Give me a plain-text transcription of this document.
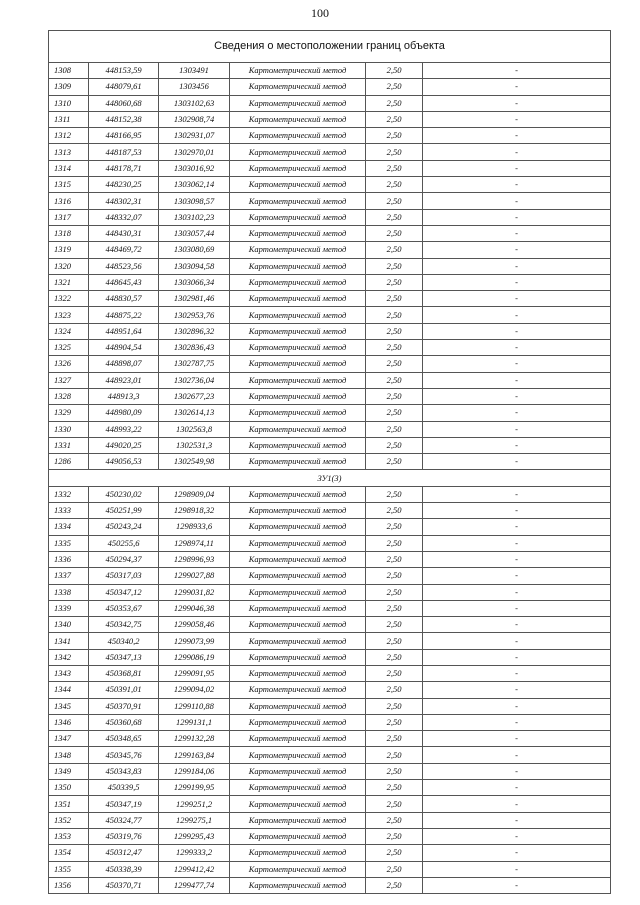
100
Сведения о местоположении границ объекта					
1308	448153,59	1303491	Картометрический метод	2,50	-
1309	448079,61	1303456	Картометрический метод	2,50	-
1310	448060,68	1303102,63	Картометрический метод	2,50	-
1311	448152,38	1302908,74	Картометрический метод	2,50	-
1312	448166,95	1302931,07	Картометрический метод	2,50	-
1313	448187,53	1302970,01	Картометрический метод	2,50	-
1314	448178,71	1303016,92	Картометрический метод	2,50	-
1315	448230,25	1303062,14	Картометрический метод	2,50	-
1316	448302,31	1303098,57	Картометрический метод	2,50	-
1317	448332,07	1303102,23	Картометрический метод	2,50	-
1318	448430,31	1303057,44	Картометрический метод	2,50	-
1319	448469,72	1303080,69	Картометрический метод	2,50	-
1320	448523,56	1303094,58	Картометрический метод	2,50	-
1321	448645,43	1303066,34	Картометрический метод	2,50	-
1322	448830,57	1302981,46	Картометрический метод	2,50	-
1323	448875,22	1302953,76	Картометрический метод	2,50	-
1324	448951,64	1302896,32	Картометрический метод	2,50	-
1325	448904,54	1302836,43	Картометрический метод	2,50	-
1326	448898,07	1302787,75	Картометрический метод	2,50	-
1327	448923,01	1302736,04	Картометрический метод	2,50	-
1328	448913,3	1302677,23	Картометрический метод	2,50	-
1329	448980,09	1302614,13	Картометрический метод	2,50	-
1330	448993,22	1302563,8	Картометрический метод	2,50	-
1331	449020,25	1302531,3	Картометрический метод	2,50	-
1286	449056,53	1302549,98	Картометрический метод	2,50	-
ЗУ1(3)					
1332	450230,02	1298909,04	Картометрический метод	2,50	-
1333	450251,99	1298918,32	Картометрический метод	2,50	-
1334	450243,24	1298933,6	Картометрический метод	2,50	-
1335	450255,6	1298974,11	Картометрический метод	2,50	-
1336	450294,37	1298996,93	Картометрический метод	2,50	-
1337	450317,03	1299027,88	Картометрический метод	2,50	-
1338	450347,12	1299031,82	Картометрический метод	2,50	-
1339	450353,67	1299046,38	Картометрический метод	2,50	-
1340	450342,75	1299058,46	Картометрический метод	2,50	-
1341	450340,2	1299073,99	Картометрический метод	2,50	-
1342	450347,13	1299086,19	Картометрический метод	2,50	-
1343	450368,81	1299091,95	Картометрический метод	2,50	-
1344	450391,01	1299094,02	Картометрический метод	2,50	-
1345	450370,91	1299110,88	Картометрический метод	2,50	-
1346	450360,68	1299131,1	Картометрический метод	2,50	-
1347	450348,65	1299132,28	Картометрический метод	2,50	-
1348	450345,76	1299163,84	Картометрический метод	2,50	-
1349	450343,83	1299184,06	Картометрический метод	2,50	-
1350	450339,5	1299199,95	Картометрический метод	2,50	-
1351	450347,19	1299251,2	Картометрический метод	2,50	-
1352	450324,77	1299275,1	Картометрический метод	2,50	-
1353	450319,76	1299295,43	Картометрический метод	2,50	-
1354	450312,47	1299333,2	Картометрический метод	2,50	-
1355	450338,39	1299412,42	Картометрический метод	2,50	-
1356	450370,71	1299477,74	Картометрический метод	2,50	-
